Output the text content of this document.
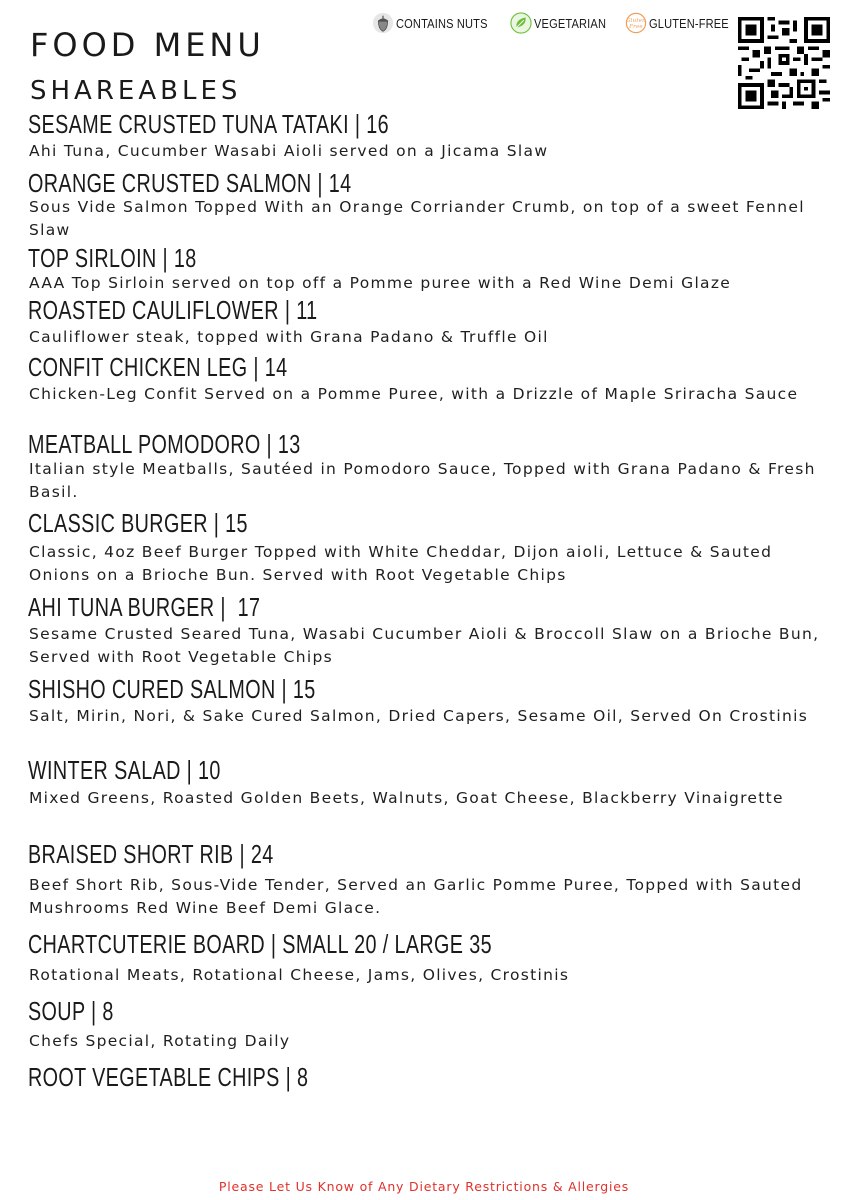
FOOD MENU
SHAREABLES
CONTAINS NUTS	VEGETARIAN	Gluten
Free GLUTEN-FREE
SESAME CRUSTED TUNA TATAKI | 16

Ahi Tuna, Cucumber Wasabi Aioli served on a Jicama Slaw

ORANGE CRUSTED SALMON | 14

Sous Vide Salmon Topped With an Orange Corriander Crumb, on top of a sweet Fennel Slaw

TOP SIRLOIN | 18

AAA Top Sirloin served on top off a Pomme puree with a Red Wine Demi Glaze

ROASTED CAULIFLOWER | 11

Cauliflower steak, topped with Grana Padano & Truffle Oil

CONFIT CHICKEN LEG | 14

Chicken-Leg Confit Served on a Pomme Puree, with a Drizzle of Maple Sriracha Sauce

MEATBALL POMODORO | 13

Italian style Meatballs, Sautéed in Pomodoro Sauce, Topped with Grana Padano & Fresh Basil.

CLASSIC BURGER | 15

Classic, 4oz Beef Burger Topped with White Cheddar, Dijon aioli, Lettuce & Sauted Onions on a Brioche Bun. Served with Root Vegetable Chips

AHI TUNA BURGER |  17

Sesame Crusted Seared Tuna, Wasabi Cucumber Aioli & Broccoll Slaw on a Brioche Bun, Served with Root Vegetable Chips

SHISHO CURED SALMON | 15

Salt, Mirin, Nori, & Sake Cured Salmon, Dried Capers, Sesame Oil, Served On Crostinis

WINTER SALAD | 10

Mixed Greens, Roasted Golden Beets, Walnuts, Goat Cheese, Blackberry Vinaigrette

BRAISED SHORT RIB | 24

Beef Short Rib, Sous-Vide Tender, Served an Garlic Pomme Puree, Topped with Sauted Mushrooms Red Wine Beef Demi Glace.

CHARTCUTERIE BOARD | SMALL 20 / LARGE 35

Rotational Meats, Rotational Cheese, Jams, Olives, Crostinis

SOUP | 8

Chefs Special, Rotating Daily

ROOT VEGETABLE CHIPS | 8
Please Let Us Know of Any Dietary Restrictions & Allergies
